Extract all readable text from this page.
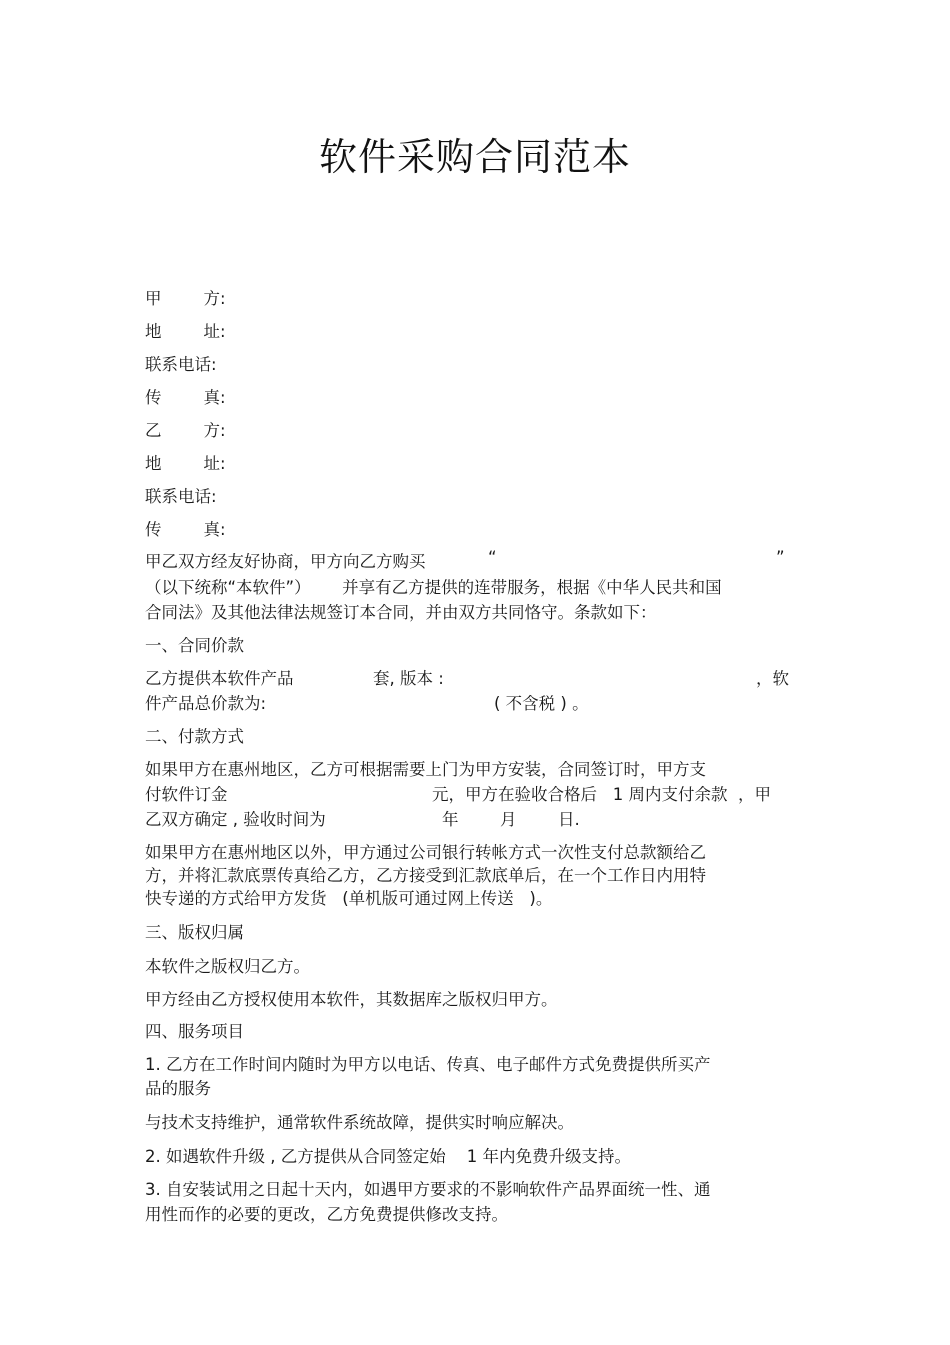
软件采购合同范本
甲        方:
地        址:
联系电话:
传        真:
乙        方:
地        址:
联系电话:
传        真:
甲乙双方经友好协商，甲方向乙方购买	“	”
（以下统称“本软件”）      并享有乙方提供的连带服务，根据《中华人民共和国
合同法》及其他法律法规签订本合同，并由双方共同恪守。条款如下：
一、合同价款
乙方提供本软件产品	套, 版本 :	，软
件产品总价款为:	( 不含税 ) 。
二、付款方式
如果甲方在惠州地区，乙方可根据需要上门为甲方安装，合同签订时，甲方支
付软件订金	元，甲方在验收合格后   1 周内支付余款  ，甲
乙双方确定 , 验收时间为	年	月	日.
如果甲方在惠州地区以外，甲方通过公司银行转帐方式一次性支付总款额给乙
方，并将汇款底票传真给乙方，乙方接受到汇款底单后，在一个工作日内用特
快专递的方式给甲方发货   (单机版可通过网上传送   )。
三、版权归属
本软件之版权归乙方。
甲方经由乙方授权使用本软件，其数据库之版权归甲方。
四、服务项目
1. 乙方在工作时间内随时为甲方以电话、传真、电子邮件方式免费提供所买产
品的服务
与技术支持维护，通常软件系统故障，提供实时响应解决。
2. 如遇软件升级 , 乙方提供从合同签定始    1 年内免费升级支持。
3. 自安装试用之日起十天内，如遇甲方要求的不影响软件产品界面统一性、通
用性而作的必要的更改，乙方免费提供修改支持。
